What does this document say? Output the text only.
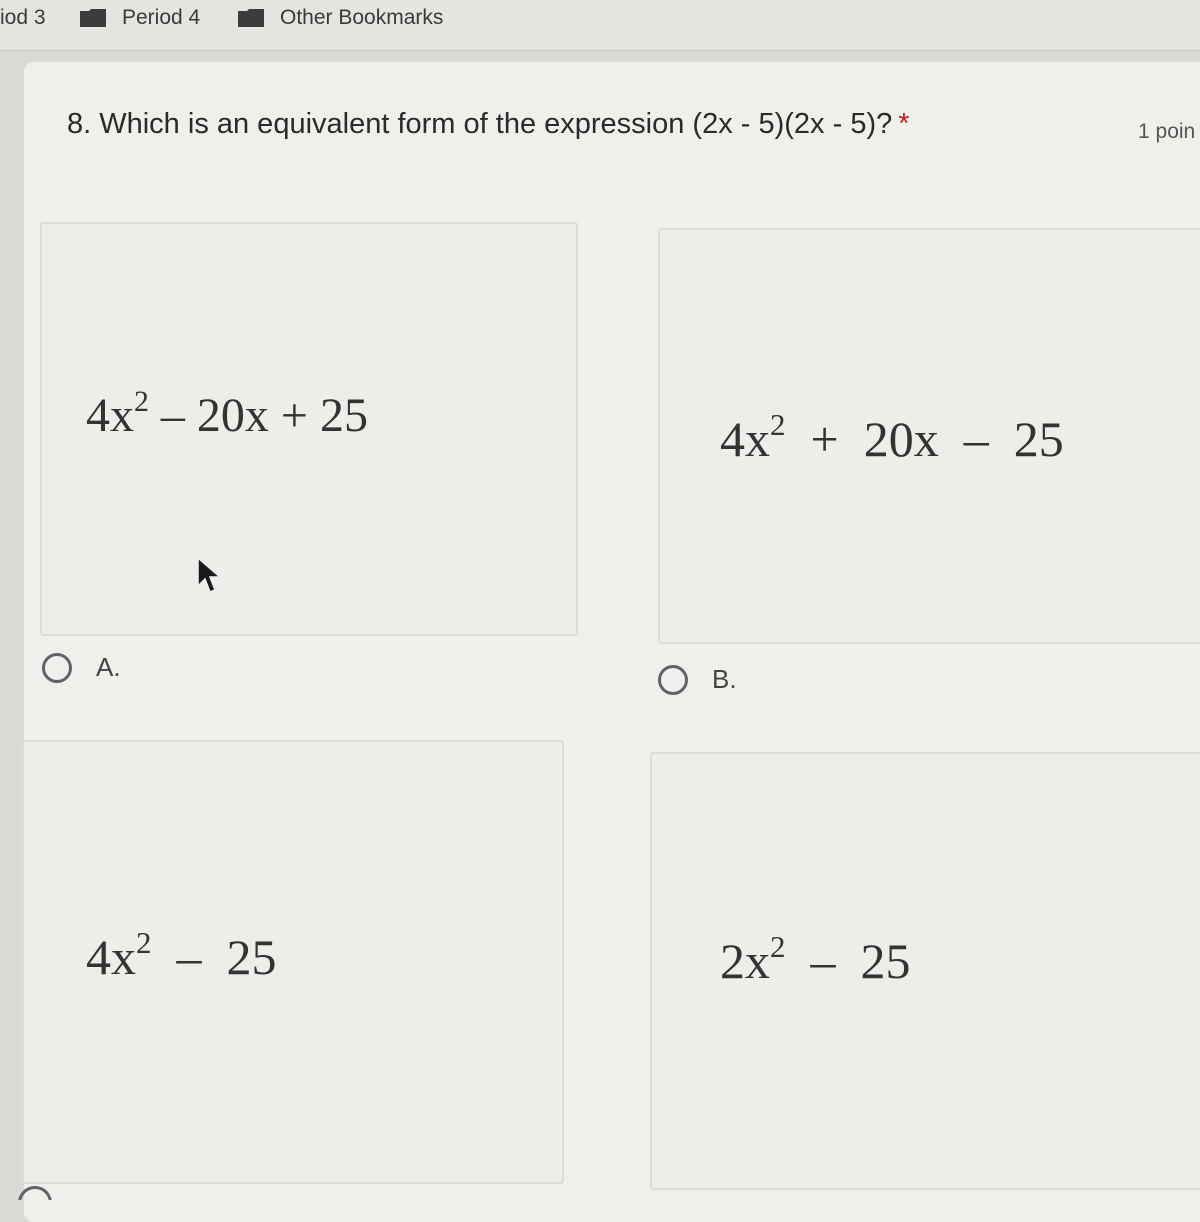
iod 3	Period 4	Other Bookmarks
8. Which is an equivalent form of the expression (2x - 5)(2x - 5)? *	1 poin
$4x^2 - 20x + 25$	$4x^2 + 20x - 25$
A.	B.
$4x^2 - 25$	$2x^2 - 25$
